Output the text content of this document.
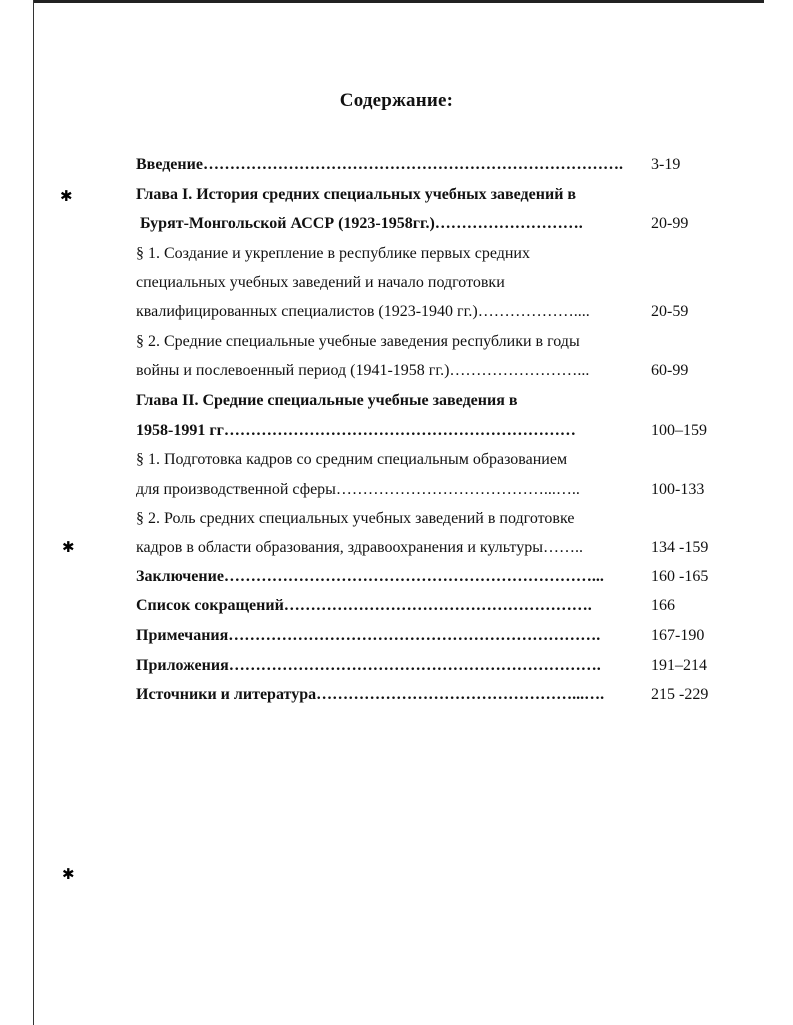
✱
✱
✱
Содержание:
Введение…………………………………………………………………….	3-19
Глава I. История средних специальных учебных заведений в
Бурят-Монгольской АССР (1923-1958гг.)……………………….	20-99
§ 1. Создание и укрепление в республике первых средних
специальных учебных заведений и начало подготовки
квалифицированных специалистов (1923-1940 гг.)………………....	20-59
§ 2. Средние специальные учебные заведения республики в годы
войны и послевоенный период (1941-1958 гг.)……………………...	60-99
Глава II. Средние специальные учебные заведения в
1958-1991 гг…………………………………………………………	100–159
§ 1. Подготовка кадров со средним специальным образованием
для производственной сферы…………………………………...…..	100-133
§ 2. Роль средних специальных учебных заведений в подготовке
кадров в области образования, здравоохранения и культуры……..	134 -159
Заключение……………………………………………………………...	160 -165
Список сокращений………………………………………………….	166
Примечания…………………………………………………………….	167-190
Приложения…………………………………………………………….	191–214
Источники и литература…………………………………………...….	215 -229
